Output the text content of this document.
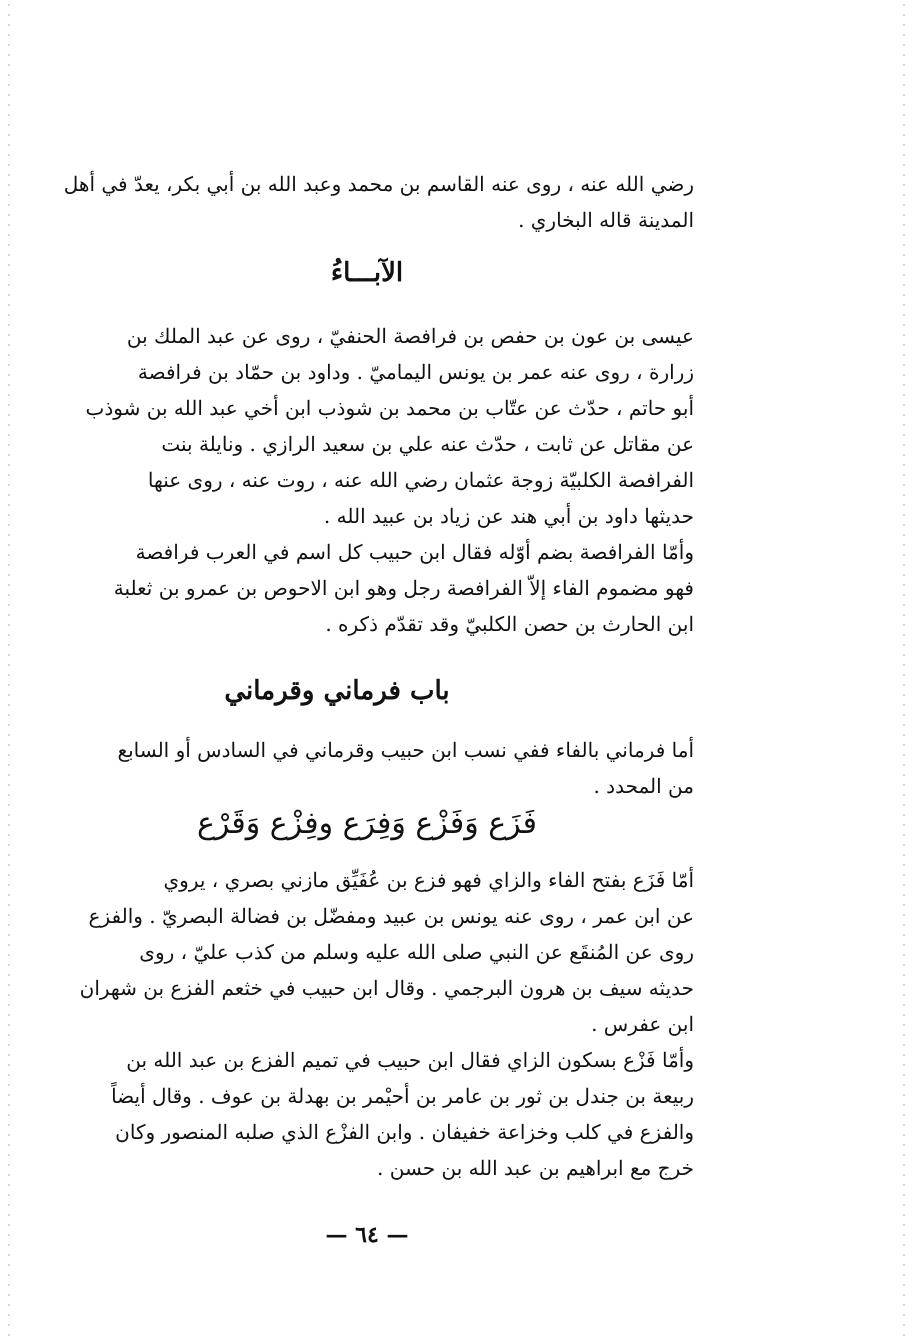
رضي الله عنه ، روى عنه القاسم بن محمد وعبد الله بن أبي بكر، يعدّ في أهل
المدينة قاله البخاري .
الآبـــاءُ
عيسى بن عون بن حفص بن فرافصة الحنفيّ ، روى عن عبد الملك بن
زرارة ، روى عنه عمر بن يونس اليماميّ . وداود بن حمّاد بن فرافصة
أبو حاتم ، حدّث عن عتّاب بن محمد بن شوذب ابن أخي عبد الله بن شوذب
عن مقاتل عن ثابت ، حدّث عنه علي بن سعيد الرازي . ونايلة بنت
الفرافصة الكلبيّة زوجة عثمان رضي الله عنه ، روت عنه ، روى عنها
حديثها داود بن أبي هند عن زياد بن عبيد الله .
وأمّا الفرافصة بضم أوّله فقال ابن حبيب كل اسم في العرب فرافصة
فهو مضموم الفاء إلاّ الفرافصة رجل وهو ابن الاحوص بن عمرو بن ثعلبة
ابن الحارث بن حصن الكلبيّ وقد تقدّم ذكره .
باب فرماني وقرماني
أما فرماني بالفاء ففي نسب ابن حبيب وقرماني في السادس أو السابع
من المحدد .
فَزَع وَفَزْع وَفِرَع وفِزْع وَقَرْع
أمّا فَزَع بفتح الفاء والزاي فهو فزع بن عُفَيِّق مازني بصري ، يروي
عن ابن عمر ، روى عنه يونس بن عبيد ومفضّل بن فضالة البصريّ . والفزع
روى عن المُنقَع عن النبي صلى الله عليه وسلم من كذب عليّ ، روى
حديثه سيف بن هرون البرجمي . وقال ابن حبيب في خثعم الفزع بن شهران
ابن عفرس .
وأمّا فَزْع بسكون الزاي فقال ابن حبيب في تميم الفزع بن عبد الله بن
ربيعة بن جندل بن ثور بن عامر بن أحيْمر بن بهدلة بن عوف . وقال أيضاً
والفزع في كلب وخزاعة خفيفان . وابن الفزْع الذي صلبه المنصور وكان
خرج مع ابراهيم بن عبد الله بن حسن .
— ٦٤ —
